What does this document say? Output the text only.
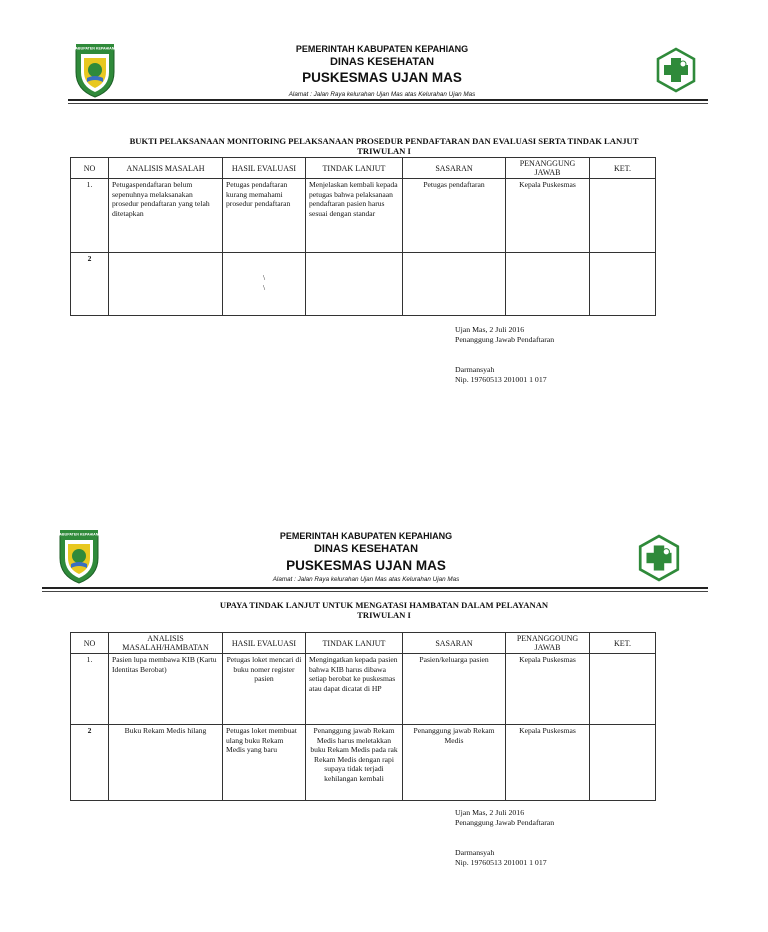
KABUPATEN KEPAHIANG	PEMERINTAH KABUPATEN KEPAHIANG
DINAS KESEHATAN
PUSKESMAS UJAN MAS
Alamat : Jalan Raya kelurahan Ujan Mas atas Kelurahan Ujan Mas
BUKTI PELAKSANAAN MONITORING PELAKSANAAN PROSEDUR PENDAFTARAN DAN EVALUASI SERTA TINDAK LANJUT
TRIWULAN I
NO	ANALISIS MASALAH	HASIL EVALUASI	TINDAK LANJUT	SASARAN	PENANGGUNG JAWAB	KET.
1.	Petugaspendaftaran belum sepenuhnya melaksanakan prosedur pendaftaran yang telah ditetapkan	Petugas pendaftaran kurang memahami prosedur pendaftaran	Menjelaskan kembali kepada petugas bahwa pelaksanaan pendaftaran pasien harus sesuai dengan standar	Petugas pendaftaran	Kepala Puskesmas	
2		\
\				
Ujan Mas, 2 Juli 2016
Penanggung Jawab Pendaftaran
Darmansyah
Nip. 19760513 201001 1 017
KABUPATEN KEPAHIANG	PEMERINTAH KABUPATEN KEPAHIANG
DINAS KESEHATAN
PUSKESMAS UJAN MAS
Alamat : Jalan Raya kelurahan Ujan Mas atas Kelurahan Ujan Mas
UPAYA TINDAK LANJUT UNTUK MENGATASI HAMBATAN DALAM PELAYANAN
TRIWULAN I
NO	ANALISIS MASALAH/HAMBATAN	HASIL EVALUASI	TINDAK LANJUT	SASARAN	PENANGGOUNG JAWAB	KET.
1.	Pasien lupa membawa KIB (Kartu Identitas Berobat)	Petugas loket mencari di buku nomer register pasien	Mengingatkan kepada pasien bahwa KIB harus dibawa setiap berobat ke puskesmas atau dapat dicatat di HP	Pasien/keluarga pasien	Kepala Puskesmas	
2	Buku Rekam Medis hilang	Petugas loket membuat ulang buku Rekam Medis yang baru	Penanggung jawab Rekam Medis harus meletakkan buku Rekam Medis pada rak Rekam Medis dengan rapi supaya tidak terjadi kehilangan kembali	Penanggung jawab Rekam Medis	Kepala Puskesmas	
Ujan Mas, 2 Juli 2016
Penanggung Jawab Pendaftaran
Darmansyah
Nip. 19760513 201001 1 017
